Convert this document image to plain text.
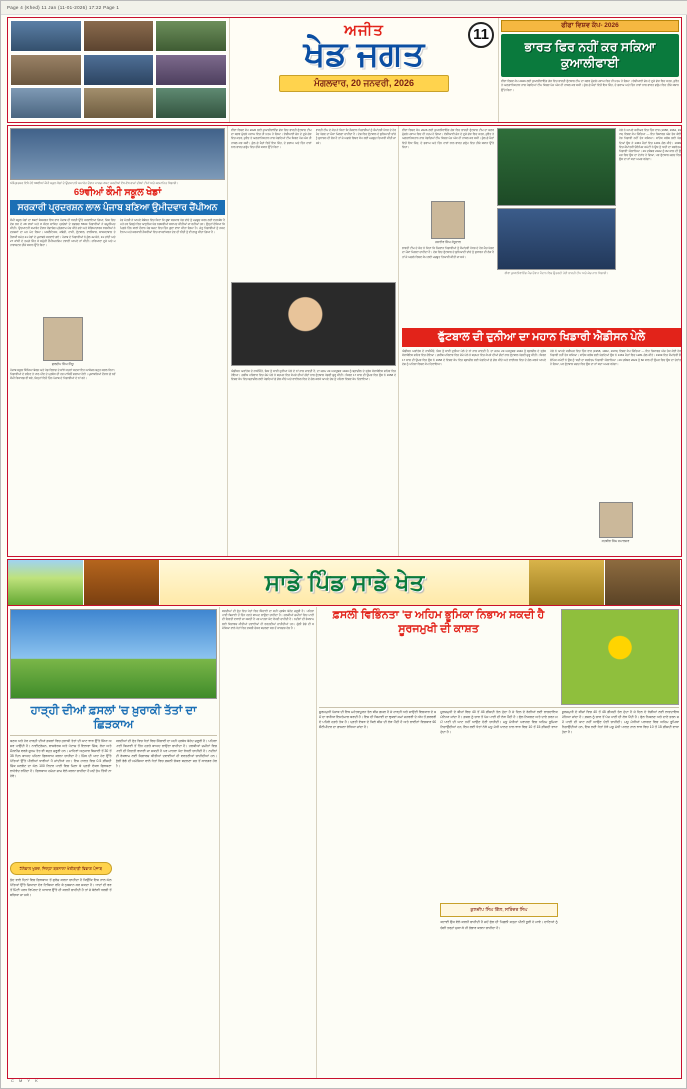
Page 4 (Khed) 11 Jan (11-01-2026) 17:22 Page 1
ਅਜੀਤ
ਖੇਡ ਜਗਤ
ਮੰਗਲਵਾਰ, 20 ਜਨਵਰੀ, 2026
11
ਫੀਫਾ ਵਿਸ਼ਵ ਕੱਪ- 2026
ਭਾਰਤ ਫਿਰ ਨਹੀਂ ਕਰ ਸਕਿਆ ਕੁਆਲੀਫਾਈ
ਫੀਫਾ ਵਿਸ਼ਵ ਕੱਪ 2026 ਲਈ ਕੁਆਲੀਫਾਇੰਗ ਗੇੜ ਵਿਚ ਭਾਰਤੀ ਫੁੱਟਬਾਲ ਟੀਮ ਦਾ ਸਫ਼ਰ ਮੁੱਢਲੇ ਪੜਾਅ ਵਿਚ ਹੀ ਖ਼ਤਮ ਹੋ ਗਿਆ। ਏਸ਼ੀਆਈ ਜ਼ੋਨ ਦੇ ਦੂਜੇ ਗੇੜ ਵਿਚ ਕਤਰ, ਕੁਵੈਤ ਤੇ ਅਫ਼ਗ਼ਾਨਿਸਤਾਨ ਨਾਲ ਖੇਡਦਿਆਂ ਟੀਮ ਸਿਰਫ਼ ਪੰਜ ਅੰਕ ਹੀ ਹਾਸਲ ਕਰ ਸਕੀ। ਕੁੱਲ ਛੇ ਮੈਚਾਂ ਵਿਚੋਂ ਇਕ ਜਿੱਤ, ਦੋ ਡਰਾਅ ਅਤੇ ਤਿੰਨ ਹਾਰਾਂ ਨਾਲ ਭਾਰਤ ਗਰੁੱਪ ਵਿਚ ਤੀਜੇ ਸਥਾਨ ਉੱਤੇ ਰਿਹਾ।
ਅੰਮ੍ਰਿਤਸਰ ਵਿਖੇ ਹੋਏ 69ਵੀਆਂ ਕੌਮੀ ਸਕੂਲ ਖੇਡਾਂ ਦੇ ਉਦਘਾਟਨੀ ਸਮਾਰੋਹ ਦੌਰਾਨ ਮਾਰਚ ਪਾਸਟ ਕਰਦੀਆਂ ਵੱਖ-ਵੱਖ ਰਾਜਾਂ ਦੀਆਂ ਟੀਮਾਂ ਅਤੇ ਸਨਮਾਨਿਤ ਖਿਡਾਰੀ।
69ਵੀਆਂ ਕੌਮੀ ਸਕੂਲ ਖੇਡਾਂ
ਸਰਕਾਰੀ ਪ੍ਰਦਰਸ਼ਨ ਲਾਲ ਪੰਜਾਬ ਬਣਿਆ ਉਮੀਦਵਾਰ ਚੈਂਪੀਅਨ
ਕੌਮੀ ਸਕੂਲ ਖੇਡਾਂ ਦਾ 69ਵਾਂ ਸੰਸਕਰਨ ਇਸ ਵਾਰ ਪੰਜਾਬ ਦੀ ਧਰਤੀ ਉੱਤੇ ਕਰਵਾਇਆ ਗਿਆ, ਜਿਸ ਵਿਚ ਦੇਸ਼ ਭਰ ਦੇ 28 ਰਾਜਾਂ ਅਤੇ 8 ਕੇਂਦਰ ਸ਼ਾਸਿਤ ਪ੍ਰਦੇਸ਼ਾਂ ਦੇ ਲਗਭਗ 5500 ਖਿਡਾਰੀਆਂ ਨੇ ਸ਼ਮੂਲੀਅਤ ਕੀਤੀ। ਉਦਘਾਟਨੀ ਸਮਾਰੋਹ ਦੌਰਾਨ ਰੰਗਾਰੰਗ ਪ੍ਰੋਗਰਾਮ ਪੇਸ਼ ਕੀਤੇ ਗਏ ਅਤੇ ਸੱਭਿਆਚਾਰਕ ਝਲਕੀਆਂ ਨੇ ਦਰਸ਼ਕਾਂ ਦਾ ਮਨ ਮੋਹ ਲਿਆ। ਅਥਲੈਟਿਕਸ, ਕਬੱਡੀ, ਹਾਕੀ, ਫੁੱਟਬਾਲ, ਵਾਲੀਬਾਲ, ਬਾਸਕਟਬਾਲ ਤੇ ਤੈਰਾਕੀ ਸਮੇਤ 21 ਖੇਡਾਂ ਦੇ ਮੁਕਾਬਲੇ ਕਰਵਾਏ ਗਏ। ਪੰਜਾਬ ਦੇ ਖਿਡਾਰੀਆਂ ਨੇ ਕੁੱਲ 42 ਸੋਨੇ, 31 ਚਾਂਦੀ ਅਤੇ 27 ਕਾਂਸੀ ਦੇ ਤਮਗ਼ੇ ਜਿੱਤ ਕੇ ਸਮੁੱਚੀ ਚੈਂਪੀਅਨਸ਼ਿਪ ਟਰਾਫ਼ੀ ਆਪਣੇ ਨਾਂ ਕੀਤੀ। ਹਰਿਆਣਾ ਦੂਜੇ ਅਤੇ ਮਹਾਰਾਸ਼ਟਰ ਤੀਜੇ ਸਥਾਨ ਉੱਤੇ ਰਿਹਾ।
ਗੁਰਦੀਪ ਸਿੰਘ ਸਿੱਧੂ
ਪੰਜਾਬ ਸਕੂਲ ਸਿੱਖਿਆ ਬੋਰਡ ਅਤੇ ਖੇਡ ਵਿਭਾਗ ਦੇ ਸਾਂਝੇ ਯਤਨਾਂ ਸਦਕਾ ਇਹ ਆਯੋਜਨ ਬਹੁਤ ਸਫਲ ਰਿਹਾ। ਖਿਡਾਰੀਆਂ ਦੇ ਰਹਿਣ ਤੇ ਖਾਣ-ਪੀਣ ਦੇ ਪ੍ਰਬੰਧ ਦੀ ਹਰ ਪਾਸਿਓਂ ਸ਼ਲਾਘਾ ਹੋਈ। ਮੁਕਾਬਲਿਆਂ ਦੌਰਾਨ ਛੇ ਨਵੇਂ ਕੌਮੀ ਰਿਕਾਰਡ ਵੀ ਬਣੇ, ਜਿਨ੍ਹਾਂ ਵਿਚੋਂ ਤਿੰਨ ਪੰਜਾਬ ਦੇ ਖਿਡਾਰੀਆਂ ਦੇ ਨਾਂ ਰਹੇ।
ਖੇਡ ਮੰਤਰੀ ਨੇ ਆਪਣੇ ਸੰਬੋਧਨ ਵਿਚ ਕਿਹਾ ਕਿ ਸੂਬਾ ਸਰਕਾਰ ਖੇਡ ਢਾਂਚੇ ਨੂੰ ਮਜ਼ਬੂਤ ਕਰਨ ਲਈ ਵਚਨਬੱਧ ਹੈ ਅਤੇ ਹਰ ਜ਼ਿਲ੍ਹੇ ਵਿਚ ਆਧੁਨਿਕ ਖੇਡ ਨਰਸਰੀਆਂ ਸਥਾਪਤ ਕੀਤੀਆਂ ਜਾ ਰਹੀਆਂ ਹਨ। ਉਨ੍ਹਾਂ ਦੱਸਿਆ ਕਿ ਪਿਛਲੇ ਤਿੰਨ ਸਾਲਾਂ ਦੌਰਾਨ ਖੇਡ ਬਜਟ ਵਿਚ ਤਿੰਨ ਗੁਣਾ ਵਾਧਾ ਕੀਤਾ ਗਿਆ ਹੈ। ਜੇਤੂ ਖਿਡਾਰੀਆਂ ਨੂੰ ਨਕਦ ਇਨਾਮ ਅਤੇ ਸਰਕਾਰੀ ਨੌਕਰੀਆਂ ਵਿਚ ਰਾਖਵਾਂਕਰਨ ਦੇਣ ਦੀ ਨੀਤੀ ਨੂੰ ਵੀ ਲਾਗੂ ਕੀਤਾ ਗਿਆ ਹੈ।
ਫੀਫਾ ਵਿਸ਼ਵ ਕੱਪ 2026 ਲਈ ਕੁਆਲੀਫਾਇੰਗ ਗੇੜ ਵਿਚ ਭਾਰਤੀ ਫੁੱਟਬਾਲ ਟੀਮ ਦਾ ਸਫ਼ਰ ਮੁੱਢਲੇ ਪੜਾਅ ਵਿਚ ਹੀ ਖ਼ਤਮ ਹੋ ਗਿਆ। ਏਸ਼ੀਆਈ ਜ਼ੋਨ ਦੇ ਦੂਜੇ ਗੇੜ ਵਿਚ ਕਤਰ, ਕੁਵੈਤ ਤੇ ਅਫ਼ਗ਼ਾਨਿਸਤਾਨ ਨਾਲ ਖੇਡਦਿਆਂ ਟੀਮ ਸਿਰਫ਼ ਪੰਜ ਅੰਕ ਹੀ ਹਾਸਲ ਕਰ ਸਕੀ। ਕੁੱਲ ਛੇ ਮੈਚਾਂ ਵਿਚੋਂ ਇਕ ਜਿੱਤ, ਦੋ ਡਰਾਅ ਅਤੇ ਤਿੰਨ ਹਾਰਾਂ ਨਾਲ ਭਾਰਤ ਗਰੁੱਪ ਵਿਚ ਤੀਜੇ ਸਥਾਨ ਉੱਤੇ ਰਿਹਾ।
ਭਾਰਤੀ ਟੀਮ ਦੇ ਕੋਚ ਨੇ ਕਿਹਾ ਕਿ ਨੌਜਵਾਨ ਖਿਡਾਰੀਆਂ ਨੂੰ ਕੌਮਾਂਤਰੀ ਪੱਧਰ ਦੇ ਹੋਰ ਮੈਚ ਖੇਡਣ ਦਾ ਮੌਕਾ ਮਿਲਣਾ ਚਾਹੀਦਾ ਹੈ। ਦੇਸ਼ ਵਿਚ ਫੁੱਟਬਾਲ ਦੇ ਬੁਨਿਆਦੀ ਢਾਂਚੇ ਨੂੰ ਸੁਧਾਰਨ ਦੀ ਲੋੜ ਹੈ ਤਾਂ ਜੋ ਅਗਲੇ ਵਿਸ਼ਵ ਕੱਪ ਲਈ ਮਜ਼ਬੂਤ ਤਿਆਰੀ ਕੀਤੀ ਜਾ ਸਕੇ।
ਐਡੀਸਨ ਅਰਾਂਤੇਸ ਦੋ ਨਾਸੀਮੈਂਤੋ, ਜਿਸ ਨੂੰ ਸਾਰੀ ਦੁਨੀਆ ਪੇਲੇ ਦੇ ਨਾਂ ਨਾਲ ਜਾਣਦੀ ਹੈ, ਦਾ ਜਨਮ 23 ਅਕਤੂਬਰ 1940 ਨੂੰ ਬ੍ਰਾਜ਼ੀਲ ਦੇ ਤ੍ਰੇਸ ਕੋਰਾਸੋਇਸ ਸ਼ਹਿਰ ਵਿਚ ਹੋਇਆ। ਗ਼ਰੀਬ ਪਰਿਵਾਰ ਵਿਚ ਜੰਮੇ ਪੇਲੇ ਨੇ ਬਚਪਨ ਵਿਚ ਕੱਪੜੇ ਦੀਆਂ ਗੇਂਦਾਂ ਨਾਲ ਫੁੱਟਬਾਲ ਖੇਡਣੀ ਸ਼ੁਰੂ ਕੀਤੀ। ਸਿਰਫ਼ 17 ਸਾਲ ਦੀ ਉਮਰ ਵਿਚ ਉਸ ਨੇ 1958 ਦੇ ਵਿਸ਼ਵ ਕੱਪ ਵਿਚ ਬ੍ਰਾਜ਼ੀਲ ਲਈ ਖੇਡਦਿਆਂ ਛੇ ਗੋਲ ਕੀਤੇ ਅਤੇ ਫਾਈਨਲ ਵਿਚ ਦੋ ਗੋਲ ਕਰਕੇ ਆਪਣੇ ਦੇਸ਼ ਨੂੰ ਪਹਿਲਾ ਵਿਸ਼ਵ ਕੱਪ ਦਿਵਾਇਆ।
ਫੀਫਾ ਵਿਸ਼ਵ ਕੱਪ 2026 ਲਈ ਕੁਆਲੀਫਾਇੰਗ ਗੇੜ ਵਿਚ ਭਾਰਤੀ ਫੁੱਟਬਾਲ ਟੀਮ ਦਾ ਸਫ਼ਰ ਮੁੱਢਲੇ ਪੜਾਅ ਵਿਚ ਹੀ ਖ਼ਤਮ ਹੋ ਗਿਆ। ਏਸ਼ੀਆਈ ਜ਼ੋਨ ਦੇ ਦੂਜੇ ਗੇੜ ਵਿਚ ਕਤਰ, ਕੁਵੈਤ ਤੇ ਅਫ਼ਗ਼ਾਨਿਸਤਾਨ ਨਾਲ ਖੇਡਦਿਆਂ ਟੀਮ ਸਿਰਫ਼ ਪੰਜ ਅੰਕ ਹੀ ਹਾਸਲ ਕਰ ਸਕੀ। ਕੁੱਲ ਛੇ ਮੈਚਾਂ ਵਿਚੋਂ ਇਕ ਜਿੱਤ, ਦੋ ਡਰਾਅ ਅਤੇ ਤਿੰਨ ਹਾਰਾਂ ਨਾਲ ਭਾਰਤ ਗਰੁੱਪ ਵਿਚ ਤੀਜੇ ਸਥਾਨ ਉੱਤੇ ਰਿਹਾ।
ਜਸਵੀਰ ਸਿੰਘ ਸੰਧੂਵਾਲ
ਭਾਰਤੀ ਟੀਮ ਦੇ ਕੋਚ ਨੇ ਕਿਹਾ ਕਿ ਨੌਜਵਾਨ ਖਿਡਾਰੀਆਂ ਨੂੰ ਕੌਮਾਂਤਰੀ ਪੱਧਰ ਦੇ ਹੋਰ ਮੈਚ ਖੇਡਣ ਦਾ ਮੌਕਾ ਮਿਲਣਾ ਚਾਹੀਦਾ ਹੈ। ਦੇਸ਼ ਵਿਚ ਫੁੱਟਬਾਲ ਦੇ ਬੁਨਿਆਦੀ ਢਾਂਚੇ ਨੂੰ ਸੁਧਾਰਨ ਦੀ ਲੋੜ ਹੈ ਤਾਂ ਜੋ ਅਗਲੇ ਵਿਸ਼ਵ ਕੱਪ ਲਈ ਮਜ਼ਬੂਤ ਤਿਆਰੀ ਕੀਤੀ ਜਾ ਸਕੇ।
ਫੀਫਾ ਕੁਆਲੀਫਾਇੰਗ ਮੈਚ ਦੌਰਾਨ ਮੈਦਾਨ ਵਿਚ ਉਤਰਦੀ ਹੋਈ ਭਾਰਤੀ ਟੀਮ ਅਤੇ ਕੋਚ ਨਾਲ ਖਿਡਾਰੀ।
ਪੇਲੇ ਨੇ ਆਪਣੇ ਕਰੀਅਰ ਵਿਚ ਤਿੰਨ ਵਾਰ (1958, 1962, 1970) ਵਿਸ਼ਵ ਕੱਪ ਜਿੱਤਿਆ — ਇਹ ਰਿਕਾਰਡ ਅੱਜ ਤੱਕ ਕੋਈ ਹੋਰ ਖਿਡਾਰੀ ਨਹੀਂ ਤੋੜ ਸਕਿਆ। ਸਾਂਤੋਸ ਕਲੱਬ ਲਈ ਖੇਡਦਿਆਂ ਉਸ ਨੇ 1363 ਮੈਚਾਂ ਵਿਚ 1281 ਗੋਲ ਕੀਤੇ। 1999 ਵਿਚ ਕੌਮਾਂਤਰੀ ਓਲੰਪਿਕ ਕਮੇਟੀ ਨੇ ਉਸ ਨੂੰ 'ਸਦੀ ਦਾ ਸਰਵੋਤਮ ਖਿਡਾਰੀ' ਐਲਾਨਿਆ। 29 ਦਸੰਬਰ 2022 ਨੂੰ 82 ਸਾਲ ਦੀ ਉਮਰ ਵਿਚ ਉਸ ਦਾ ਦੇਹਾਂਤ ਹੋ ਗਿਆ, ਪਰ ਫੁੱਟਬਾਲ ਜਗਤ ਵਿਚ ਉਸ ਦਾ ਨਾਂ ਸਦਾ ਅਮਰ ਰਹੇਗਾ।
ਫੁੱਟਬਾਲ ਦੀ ਦੁਨੀਆ ਦਾ ਮਹਾਨ ਖਿਡਾਰੀ ਐਡੀਸਨ ਪੇਲੇ
ਐਡੀਸਨ ਅਰਾਂਤੇਸ ਦੋ ਨਾਸੀਮੈਂਤੋ, ਜਿਸ ਨੂੰ ਸਾਰੀ ਦੁਨੀਆ ਪੇਲੇ ਦੇ ਨਾਂ ਨਾਲ ਜਾਣਦੀ ਹੈ, ਦਾ ਜਨਮ 23 ਅਕਤੂਬਰ 1940 ਨੂੰ ਬ੍ਰਾਜ਼ੀਲ ਦੇ ਤ੍ਰੇਸ ਕੋਰਾਸੋਇਸ ਸ਼ਹਿਰ ਵਿਚ ਹੋਇਆ। ਗ਼ਰੀਬ ਪਰਿਵਾਰ ਵਿਚ ਜੰਮੇ ਪੇਲੇ ਨੇ ਬਚਪਨ ਵਿਚ ਕੱਪੜੇ ਦੀਆਂ ਗੇਂਦਾਂ ਨਾਲ ਫੁੱਟਬਾਲ ਖੇਡਣੀ ਸ਼ੁਰੂ ਕੀਤੀ। ਸਿਰਫ਼ 17 ਸਾਲ ਦੀ ਉਮਰ ਵਿਚ ਉਸ ਨੇ 1958 ਦੇ ਵਿਸ਼ਵ ਕੱਪ ਵਿਚ ਬ੍ਰਾਜ਼ੀਲ ਲਈ ਖੇਡਦਿਆਂ ਛੇ ਗੋਲ ਕੀਤੇ ਅਤੇ ਫਾਈਨਲ ਵਿਚ ਦੋ ਗੋਲ ਕਰਕੇ ਆਪਣੇ ਦੇਸ਼ ਨੂੰ ਪਹਿਲਾ ਵਿਸ਼ਵ ਕੱਪ ਦਿਵਾਇਆ।
ਪੇਲੇ ਨੇ ਆਪਣੇ ਕਰੀਅਰ ਵਿਚ ਤਿੰਨ ਵਾਰ (1958, 1962, 1970) ਵਿਸ਼ਵ ਕੱਪ ਜਿੱਤਿਆ — ਇਹ ਰਿਕਾਰਡ ਅੱਜ ਤੱਕ ਕੋਈ ਹੋਰ ਖਿਡਾਰੀ ਨਹੀਂ ਤੋੜ ਸਕਿਆ। ਸਾਂਤੋਸ ਕਲੱਬ ਲਈ ਖੇਡਦਿਆਂ ਉਸ ਨੇ 1363 ਮੈਚਾਂ ਵਿਚ 1281 ਗੋਲ ਕੀਤੇ। 1999 ਵਿਚ ਕੌਮਾਂਤਰੀ ਓਲੰਪਿਕ ਕਮੇਟੀ ਨੇ ਉਸ ਨੂੰ 'ਸਦੀ ਦਾ ਸਰਵੋਤਮ ਖਿਡਾਰੀ' ਐਲਾਨਿਆ। 29 ਦਸੰਬਰ 2022 ਨੂੰ 82 ਸਾਲ ਦੀ ਉਮਰ ਵਿਚ ਉਸ ਦਾ ਦੇਹਾਂਤ ਹੋ ਗਿਆ, ਪਰ ਫੁੱਟਬਾਲ ਜਗਤ ਵਿਚ ਉਸ ਦਾ ਨਾਂ ਸਦਾ ਅਮਰ ਰਹੇਗਾ।
ਸਤਬੀਰ ਸਿੰਘ ਸਮਾਲਸਰ
ਸਾਡੇ ਪਿੰਡ ਸਾਡੇ ਖੇਤ
ਹਾੜ੍ਹੀ ਦੀਆਂ ਫ਼ਸਲਾਂ 'ਚ ਖ਼ੁਰਾਕੀ ਤੱਤਾਂ ਦਾ ਛਿੜਕਾਅ
ਕਣਕ ਅਤੇ ਹੋਰ ਹਾੜ੍ਹੀ ਦੀਆਂ ਫ਼ਸਲਾਂ ਵਿਚ ਖ਼ੁਰਾਕੀ ਤੱਤਾਂ ਦੀ ਘਾਟ ਝਾੜ ਉੱਤੇ ਸਿੱਧਾ ਅਸਰ ਪਾਉਂਦੀ ਹੈ। ਨਾਈਟ੍ਰੋਜਨ, ਫਾਸਫੋਰਸ ਅਤੇ ਪੋਟਾਸ਼ ਤੋਂ ਇਲਾਵਾ ਜ਼ਿੰਕ, ਲੋਹਾ ਅਤੇ ਮੈਂਗਨੀਜ਼ ਵਰਗੇ ਸੂਖਮ ਤੱਤ ਵੀ ਬਹੁਤ ਜ਼ਰੂਰੀ ਹਨ। ਮਾਹਿਰਾਂ ਅਨੁਸਾਰ ਬਿਜਾਈ ਤੋਂ 30 ਤੋਂ 35 ਦਿਨ ਬਾਅਦ ਪਹਿਲਾ ਛਿੜਕਾਅ ਕਰਨਾ ਚਾਹੀਦਾ ਹੈ। ਜ਼ਿੰਕ ਦੀ ਘਾਟ ਹੋਣ ਉੱਤੇ ਪੱਤਿਆਂ ਉੱਤੇ ਪੀਲੀਆਂ ਧਾਰੀਆਂ ਪੈ ਜਾਂਦੀਆਂ ਹਨ। ਇਸ ਹਾਲਤ ਵਿਚ 0.5 ਫ਼ੀਸਦੀ ਜ਼ਿੰਕ ਸਲਫੇਟ ਦਾ ਘੋਲ 100 ਲਿਟਰ ਪਾਣੀ ਵਿਚ ਮਿਲਾ ਕੇ ਪ੍ਰਤੀ ਏਕੜ ਛਿੜਕਣਾ ਲਾਹੇਵੰਦ ਰਹਿੰਦਾ ਹੈ। ਛਿੜਕਾਅ ਹਮੇਸ਼ਾ ਸ਼ਾਮ ਵੇਲੇ ਕਰਨਾ ਚਾਹੀਦਾ ਹੈ ਜਦੋਂ ਧੁੱਪ ਤਿੱਖੀ ਨਾ ਹੋਵੇ।
ਟੱਲੇਵਾਲ ਖੁਰਦ, ਜ਼ਿਲ੍ਹਾ ਬਰਨਾਲਾ ਖੇਤੀਬਾੜੀ ਵਿਭਾਗ ਪੰਜਾਬ
ਧੁੰਦ ਵਾਲੇ ਦਿਨਾਂ ਵਿਚ ਛਿੜਕਾਅ ਤੋਂ ਗੁਰੇਜ਼ ਕਰਨਾ ਚਾਹੀਦਾ ਹੈ ਕਿਉਂਕਿ ਇਸ ਨਾਲ ਘੋਲ ਪੱਤਿਆਂ ਉੱਤੇ ਜ਼ਿਆਦਾ ਦੇਰ ਟਿਕਿਆ ਰਹਿ ਕੇ ਨੁਕਸਾਨ ਕਰ ਸਕਦਾ ਹੈ। ਖਾਦਾਂ ਦੀ ਵਰਤੋਂ ਮਿੱਟੀ ਪਰਖ ਰਿਪੋਰਟ ਦੇ ਆਧਾਰ ਉੱਤੇ ਹੀ ਕਰਨੀ ਚਾਹੀਦੀ ਹੈ ਤਾਂ ਜੋ ਬੇਲੋੜੀ ਖਰਚੀ ਤੋਂ ਬਚਿਆ ਜਾ ਸਕੇ।
ਸਰਦੀਆਂ ਦੀ ਰੁੱਤ ਵਿਚ ਖੇਤਾਂ ਵਿਚ ਸਿੰਚਾਈ ਦਾ ਸਹੀ ਪ੍ਰਬੰਧ ਬੇਹੱਦ ਜ਼ਰੂਰੀ ਹੈ। ਪਹਿਲਾ ਪਾਣੀ ਬਿਜਾਈ ਤੋਂ ਤਿੰਨ ਹਫ਼ਤੇ ਬਾਅਦ ਲਾਉਣਾ ਚਾਹੀਦਾ ਹੈ। ਹਲਕੀਆਂ ਜ਼ਮੀਨਾਂ ਵਿਚ ਪਾਣੀ ਦੀ ਗਿਣਤੀ ਵਧਾਈ ਜਾ ਸਕਦੀ ਹੈ ਪਰ ਮਾਤਰਾ ਘੱਟ ਰੱਖਣੀ ਚਾਹੀਦੀ ਹੈ। ਨਦੀਨਾਂ ਦੀ ਰੋਕਥਾਮ ਲਈ ਸਿਫ਼ਾਰਸ਼ ਕੀਤੀਆਂ ਦਵਾਈਆਂ ਹੀ ਵਰਤਣੀਆਂ ਚਾਹੀਦੀਆਂ ਹਨ। ਗੁੱਲੀ ਡੰਡੇ ਦੀ ਸਮੱਸਿਆ ਵਾਲੇ ਖੇਤਾਂ ਵਿਚ ਫ਼ਸਲੀ ਚੱਕਰ ਬਦਲਣਾ ਸਭ ਤੋਂ ਕਾਰਗਰ ਹੱਲ ਹੈ।
ਸਰਦੀਆਂ ਦੀ ਰੁੱਤ ਵਿਚ ਖੇਤਾਂ ਵਿਚ ਸਿੰਚਾਈ ਦਾ ਸਹੀ ਪ੍ਰਬੰਧ ਬੇਹੱਦ ਜ਼ਰੂਰੀ ਹੈ। ਪਹਿਲਾ ਪਾਣੀ ਬਿਜਾਈ ਤੋਂ ਤਿੰਨ ਹਫ਼ਤੇ ਬਾਅਦ ਲਾਉਣਾ ਚਾਹੀਦਾ ਹੈ। ਹਲਕੀਆਂ ਜ਼ਮੀਨਾਂ ਵਿਚ ਪਾਣੀ ਦੀ ਗਿਣਤੀ ਵਧਾਈ ਜਾ ਸਕਦੀ ਹੈ ਪਰ ਮਾਤਰਾ ਘੱਟ ਰੱਖਣੀ ਚਾਹੀਦੀ ਹੈ। ਨਦੀਨਾਂ ਦੀ ਰੋਕਥਾਮ ਲਈ ਸਿਫ਼ਾਰਸ਼ ਕੀਤੀਆਂ ਦਵਾਈਆਂ ਹੀ ਵਰਤਣੀਆਂ ਚਾਹੀਦੀਆਂ ਹਨ। ਗੁੱਲੀ ਡੰਡੇ ਦੀ ਸਮੱਸਿਆ ਵਾਲੇ ਖੇਤਾਂ ਵਿਚ ਫ਼ਸਲੀ ਚੱਕਰ ਬਦਲਣਾ ਸਭ ਤੋਂ ਕਾਰਗਰ ਹੱਲ ਹੈ।
ਫ਼ਸਲੀ ਵਿਭਿੰਨਤਾ 'ਚ ਅਹਿਮ ਭੂਮਿਕਾ ਨਿਭਾਅ ਸਕਦੀ ਹੈ ਸੂਰਜਮੁਖੀ ਦੀ ਕਾਸ਼ਤ
ਸੂਰਜਮੁਖੀ ਪੰਜਾਬ ਦੀ ਇਕ ਮਹੱਤਵਪੂਰਨ ਤੇਲ ਬੀਜ ਫ਼ਸਲ ਹੈ ਜੋ ਹਾੜ੍ਹੀ ਅਤੇ ਸਾਉਣੀ ਵਿਚਕਾਰ ਦੇ ਸਮੇਂ ਦਾ ਵਧੀਆ ਇਸਤੇਮਾਲ ਕਰਦੀ ਹੈ। ਇਸ ਦੀ ਬਿਜਾਈ ਦਾ ਢੁਕਵਾਂ ਸਮਾਂ ਜਨਵਰੀ ਦੇ ਅੱਧ ਤੋਂ ਫ਼ਰਵਰੀ ਦੇ ਪਹਿਲੇ ਹਫ਼ਤੇ ਤੱਕ ਹੈ। ਪ੍ਰਤੀ ਏਕੜ ਦੋ ਕਿਲੋ ਬੀਜ ਦੀ ਲੋੜ ਪੈਂਦੀ ਹੈ ਅਤੇ ਲਾਈਨਾਂ ਵਿਚਕਾਰ 60 ਸੈਂਟੀਮੀਟਰ ਦਾ ਫ਼ਾਸਲਾ ਰੱਖਿਆ ਜਾਂਦਾ ਹੈ।
ਸੂਰਜਮੁਖੀ ਦੇ ਬੀਜਾਂ ਵਿਚ 40 ਤੋਂ 45 ਫ਼ੀਸਦੀ ਤੇਲ ਹੁੰਦਾ ਹੈ ਜੋ ਦਿਲ ਦੇ ਰੋਗੀਆਂ ਲਈ ਲਾਭਦਾਇਕ ਮੰਨਿਆ ਜਾਂਦਾ ਹੈ। ਫ਼ਸਲ ਨੂੰ ਚਾਰ ਤੋਂ ਪੰਜ ਪਾਣੀ ਦੀ ਲੋੜ ਪੈਂਦੀ ਹੈ। ਫੁੱਲ ਨਿਕਲਣ ਅਤੇ ਦਾਣੇ ਭਰਨ ਸਮੇਂ ਪਾਣੀ ਦੀ ਘਾਟ ਨਹੀਂ ਆਉਣ ਦੇਣੀ ਚਾਹੀਦੀ। ਮਧੂ ਮੱਖੀਆਂ ਪਰਾਗਣ ਵਿਚ ਅਹਿਮ ਭੂਮਿਕਾ ਨਿਭਾਉਂਦੀਆਂ ਹਨ, ਇਸ ਲਈ ਖੇਤਾਂ ਨੇੜੇ ਮਧੂ ਮੱਖੀ ਪਾਲਣ ਨਾਲ ਝਾੜ ਵਿਚ 10 ਤੋਂ 15 ਫ਼ੀਸਦੀ ਵਾਧਾ ਹੁੰਦਾ ਹੈ।
ਕੁਲਦੀਪ ਸਿੰਘ ਗਿੱਲ, ਸਤਿੰਦਰ ਸਿੰਘ
ਕਟਾਈ ਉਸ ਵੇਲੇ ਕਰਨੀ ਚਾਹੀਦੀ ਹੈ ਜਦੋਂ ਫੁੱਲ ਦੀ ਪਿਛਲੀ ਸਤ੍ਹਾ ਪੀਲੀ ਭੂਰੀ ਹੋ ਜਾਵੇ। ਦਾਣਿਆਂ ਨੂੰ ਚੰਗੀ ਤਰ੍ਹਾਂ ਸੁਕਾ ਕੇ ਹੀ ਭੰਡਾਰ ਕਰਨਾ ਚਾਹੀਦਾ ਹੈ।
ਸੂਰਜਮੁਖੀ ਦੇ ਬੀਜਾਂ ਵਿਚ 40 ਤੋਂ 45 ਫ਼ੀਸਦੀ ਤੇਲ ਹੁੰਦਾ ਹੈ ਜੋ ਦਿਲ ਦੇ ਰੋਗੀਆਂ ਲਈ ਲਾਭਦਾਇਕ ਮੰਨਿਆ ਜਾਂਦਾ ਹੈ। ਫ਼ਸਲ ਨੂੰ ਚਾਰ ਤੋਂ ਪੰਜ ਪਾਣੀ ਦੀ ਲੋੜ ਪੈਂਦੀ ਹੈ। ਫੁੱਲ ਨਿਕਲਣ ਅਤੇ ਦਾਣੇ ਭਰਨ ਸਮੇਂ ਪਾਣੀ ਦੀ ਘਾਟ ਨਹੀਂ ਆਉਣ ਦੇਣੀ ਚਾਹੀਦੀ। ਮਧੂ ਮੱਖੀਆਂ ਪਰਾਗਣ ਵਿਚ ਅਹਿਮ ਭੂਮਿਕਾ ਨਿਭਾਉਂਦੀਆਂ ਹਨ, ਇਸ ਲਈ ਖੇਤਾਂ ਨੇੜੇ ਮਧੂ ਮੱਖੀ ਪਾਲਣ ਨਾਲ ਝਾੜ ਵਿਚ 10 ਤੋਂ 15 ਫ਼ੀਸਦੀ ਵਾਧਾ ਹੁੰਦਾ ਹੈ।
C M Y K
